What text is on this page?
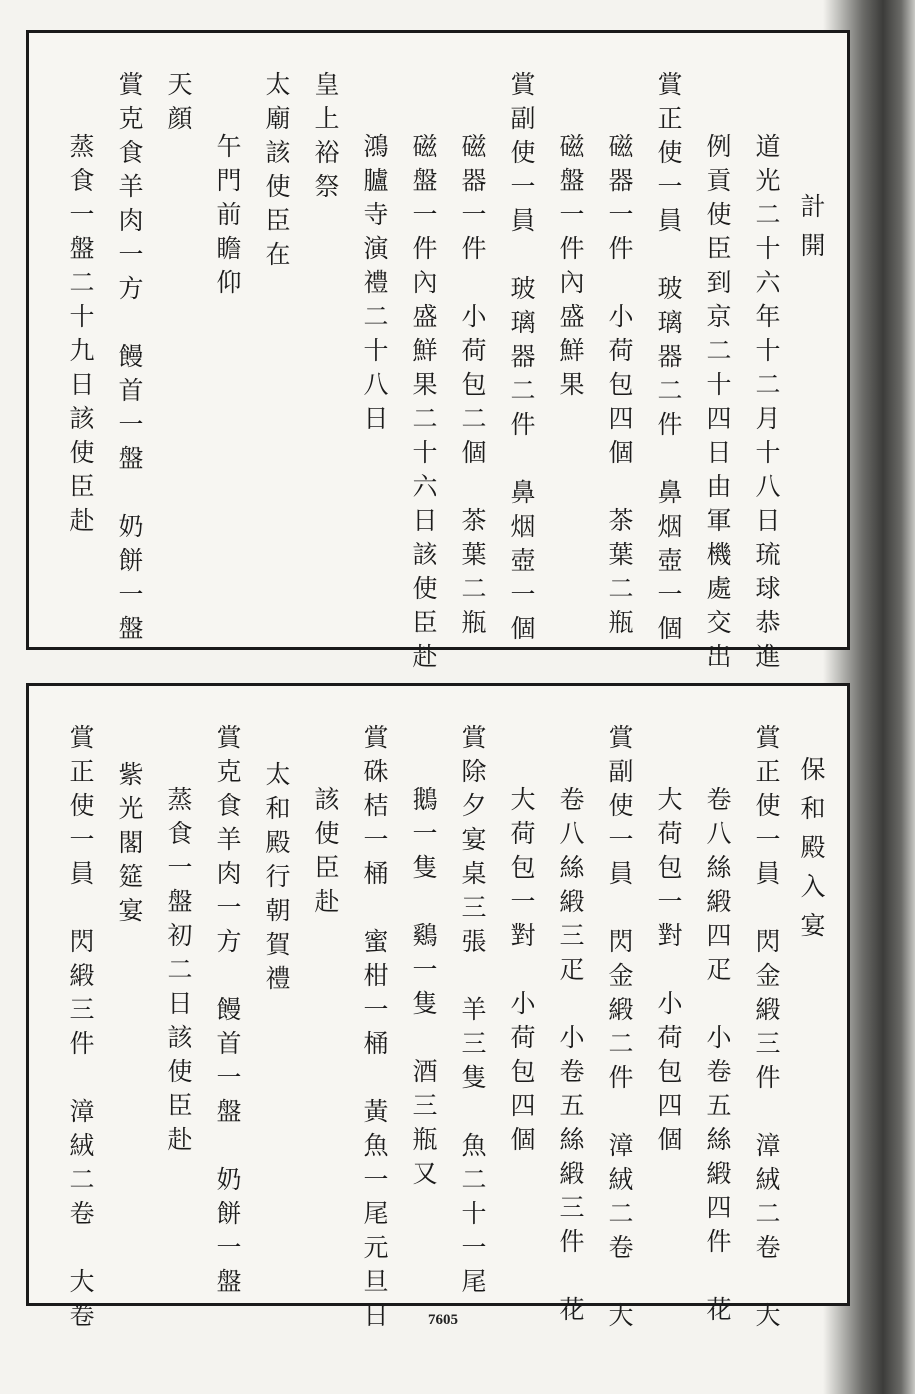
計開
道光二十六年十二月十八日琉球恭進
例貢使臣到京二十四日由軍機處交出
賞正使一員　玻璃器二件　鼻烟壺一個
磁器一件　小荷包四個　茶葉二瓶
磁盤一件內盛鮮果
賞副使一員　玻璃器二件　鼻烟壺一個
磁器一件　小荷包二個　茶葉二瓶
磁盤一件內盛鮮果二十六日該使臣赴
鴻臚寺演禮二十八日
皇上裕祭
太廟該使臣在
午門前瞻仰
天顔
賞克食羊肉一方　饅首一盤　奶餅一盤
蒸食一盤二十九日該使臣赴
保和殿入宴
賞正使一員　閃金緞三件　漳絨二卷　大
卷八絲緞四疋　小卷五絲緞四件　花
大荷包一對　小荷包四個
賞副使一員　閃金緞二件　漳絨二卷　大
卷八絲緞三疋　小卷五絲緞三件　花
大荷包一對　小荷包四個
賞除夕宴桌三張　羊三隻　魚二十一尾
鵝一隻　鷄一隻　酒三瓶又
賞硃桔一桶　蜜柑一桶　黃魚一尾元旦日
該使臣赴
太和殿行朝賀禮
賞克食羊肉一方　饅首一盤　奶餅一盤
蒸食一盤初二日該使臣赴
紫光閣筵宴
賞正使一員　閃緞三件　漳絨二卷　大卷	7605
